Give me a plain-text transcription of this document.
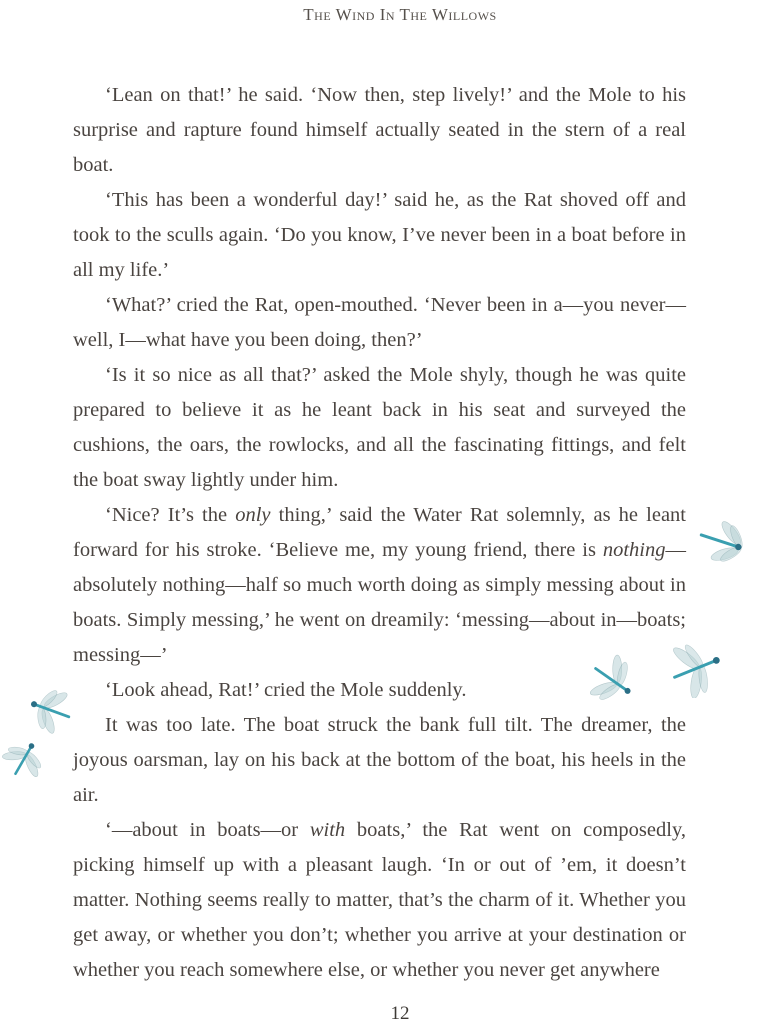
The Wind In The Willows

‘Lean on that!’ he said. ‘Now then, step lively!’ and the Mole to his surprise and rapture found himself actually seated in the stern of a real boat.

‘This has been a wonderful day!’ said he, as the Rat shoved off and took to the sculls again. ‘Do you know, I’ve never been in a boat before in all my life.’

‘What?’ cried the Rat, open-mouthed. ‘Never been in a—you never—well, I—what have you been doing, then?’

‘Is it so nice as all that?’ asked the Mole shyly, though he was quite prepared to believe it as he leant back in his seat and surveyed the cushions, the oars, the rowlocks, and all the fascinating fittings, and felt the boat sway lightly under him.

‘Nice? It’s the only thing,’ said the Water Rat solemnly, as he leant forward for his stroke. ‘Believe me, my young friend, there is nothing—absolutely nothing—half so much worth doing as simply messing about in boats. Simply messing,’ he went on dreamily: ‘messing—about in—boats; messing—’

‘Look ahead, Rat!’ cried the Mole suddenly.

It was too late. The boat struck the bank full tilt. The dreamer, the joyous oarsman, lay on his back at the bottom of the boat, his heels in the air.

‘—about in boats—or with boats,’ the Rat went on composedly, picking himself up with a pleasant laugh. ‘In or out of ’em, it doesn’t matter. Nothing seems really to matter, that’s the charm of it. Whether you get away, or whether you don’t; whether you arrive at your destination or whether you reach somewhere else, or whether you never get anywhere

12
